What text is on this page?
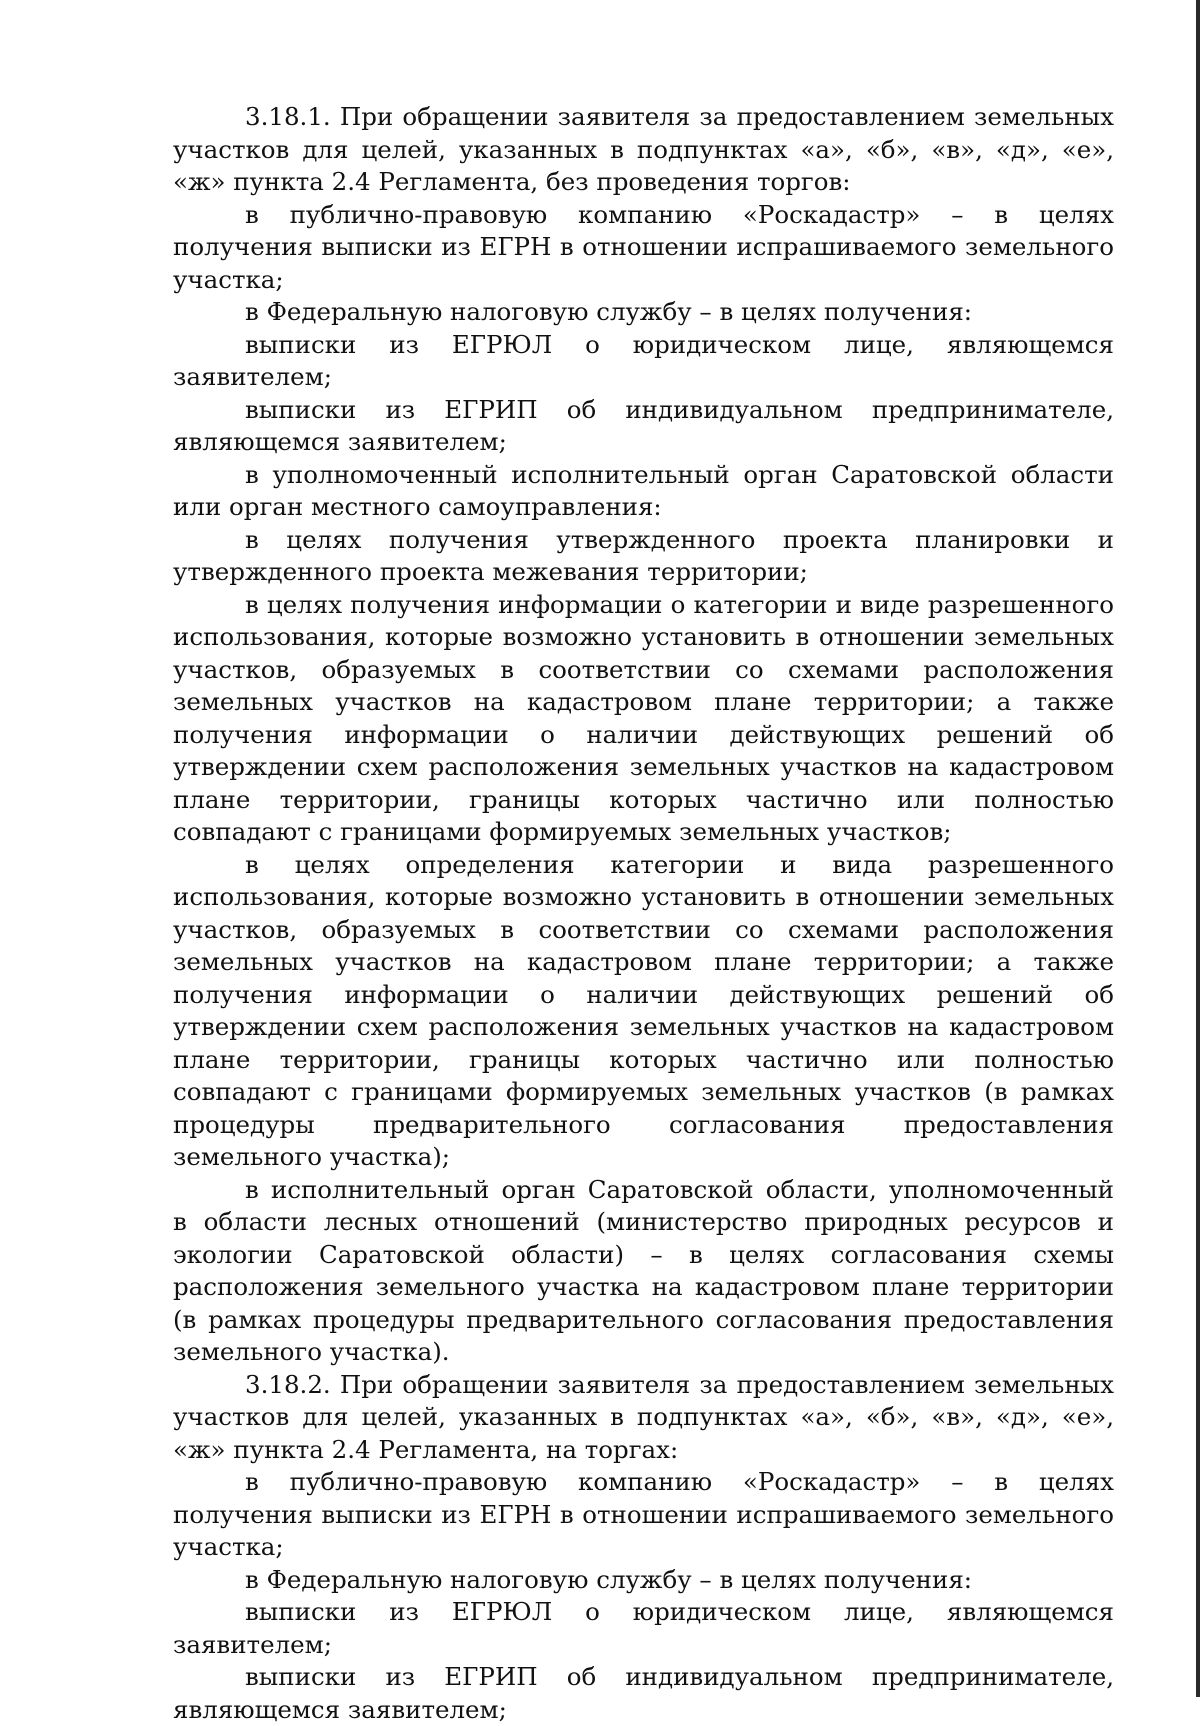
3.18.1. При обращении заявителя за предоставлением земельных участков для целей, указанных в подпунктах «а», «б», «в», «д», «е», «ж» пункта 2.4 Регламента, без проведения торгов:

в публично-правовую компанию «Роскадастр» – в целях получения выписки из ЕГРН в отношении испрашиваемого земельного участка;

в Федеральную налоговую службу – в целях получения:

выписки из ЕГРЮЛ о юридическом лице, являющемся заявителем;

выписки из ЕГРИП об индивидуальном предпринимателе, являющемся заявителем;

в уполномоченный исполнительный орган Саратовской области или орган местного самоуправления:

в целях получения утвержденного проекта планировки и утвержденного проекта межевания территории;

в целях получения информации о категории и виде разрешенного использования, которые возможно установить в отношении земельных участков, образуемых в соответствии со схемами расположения земельных участков на кадастровом плане территории; а также получения информации о наличии действующих решений об утверждении схем расположения земельных участков на кадастровом плане территории, границы которых частично или полностью совпадают с границами формируемых земельных участков;

в целях определения категории и вида разрешенного использования, которые возможно установить в отношении земельных участков, образуемых в соответствии со схемами расположения земельных участков на кадастровом плане территории; а также получения информации о наличии действующих решений об утверждении схем расположения земельных участков на кадастровом плане территории, границы которых частично или полностью совпадают с границами формируемых земельных участков (в рамках процедуры предварительного согласования предоставления земельного участка);

в исполнительный орган Саратовской области, уполномоченный в области лесных отношений (министерство природных ресурсов и экологии Саратовской области) – в целях согласования схемы расположения земельного участка на кадастровом плане территории (в рамках процедуры предварительного согласования предоставления земельного участка).

3.18.2. При обращении заявителя за предоставлением земельных участков для целей, указанных в подпунктах «а», «б», «в», «д», «е», «ж» пункта 2.4 Регламента, на торгах:

в публично-правовую компанию «Роскадастр» – в целях получения выписки из ЕГРН в отношении испрашиваемого земельного участка;

в Федеральную налоговую службу – в целях получения:

выписки из ЕГРЮЛ о юридическом лице, являющемся заявителем;

выписки из ЕГРИП об индивидуальном предпринимателе, являющемся заявителем;
